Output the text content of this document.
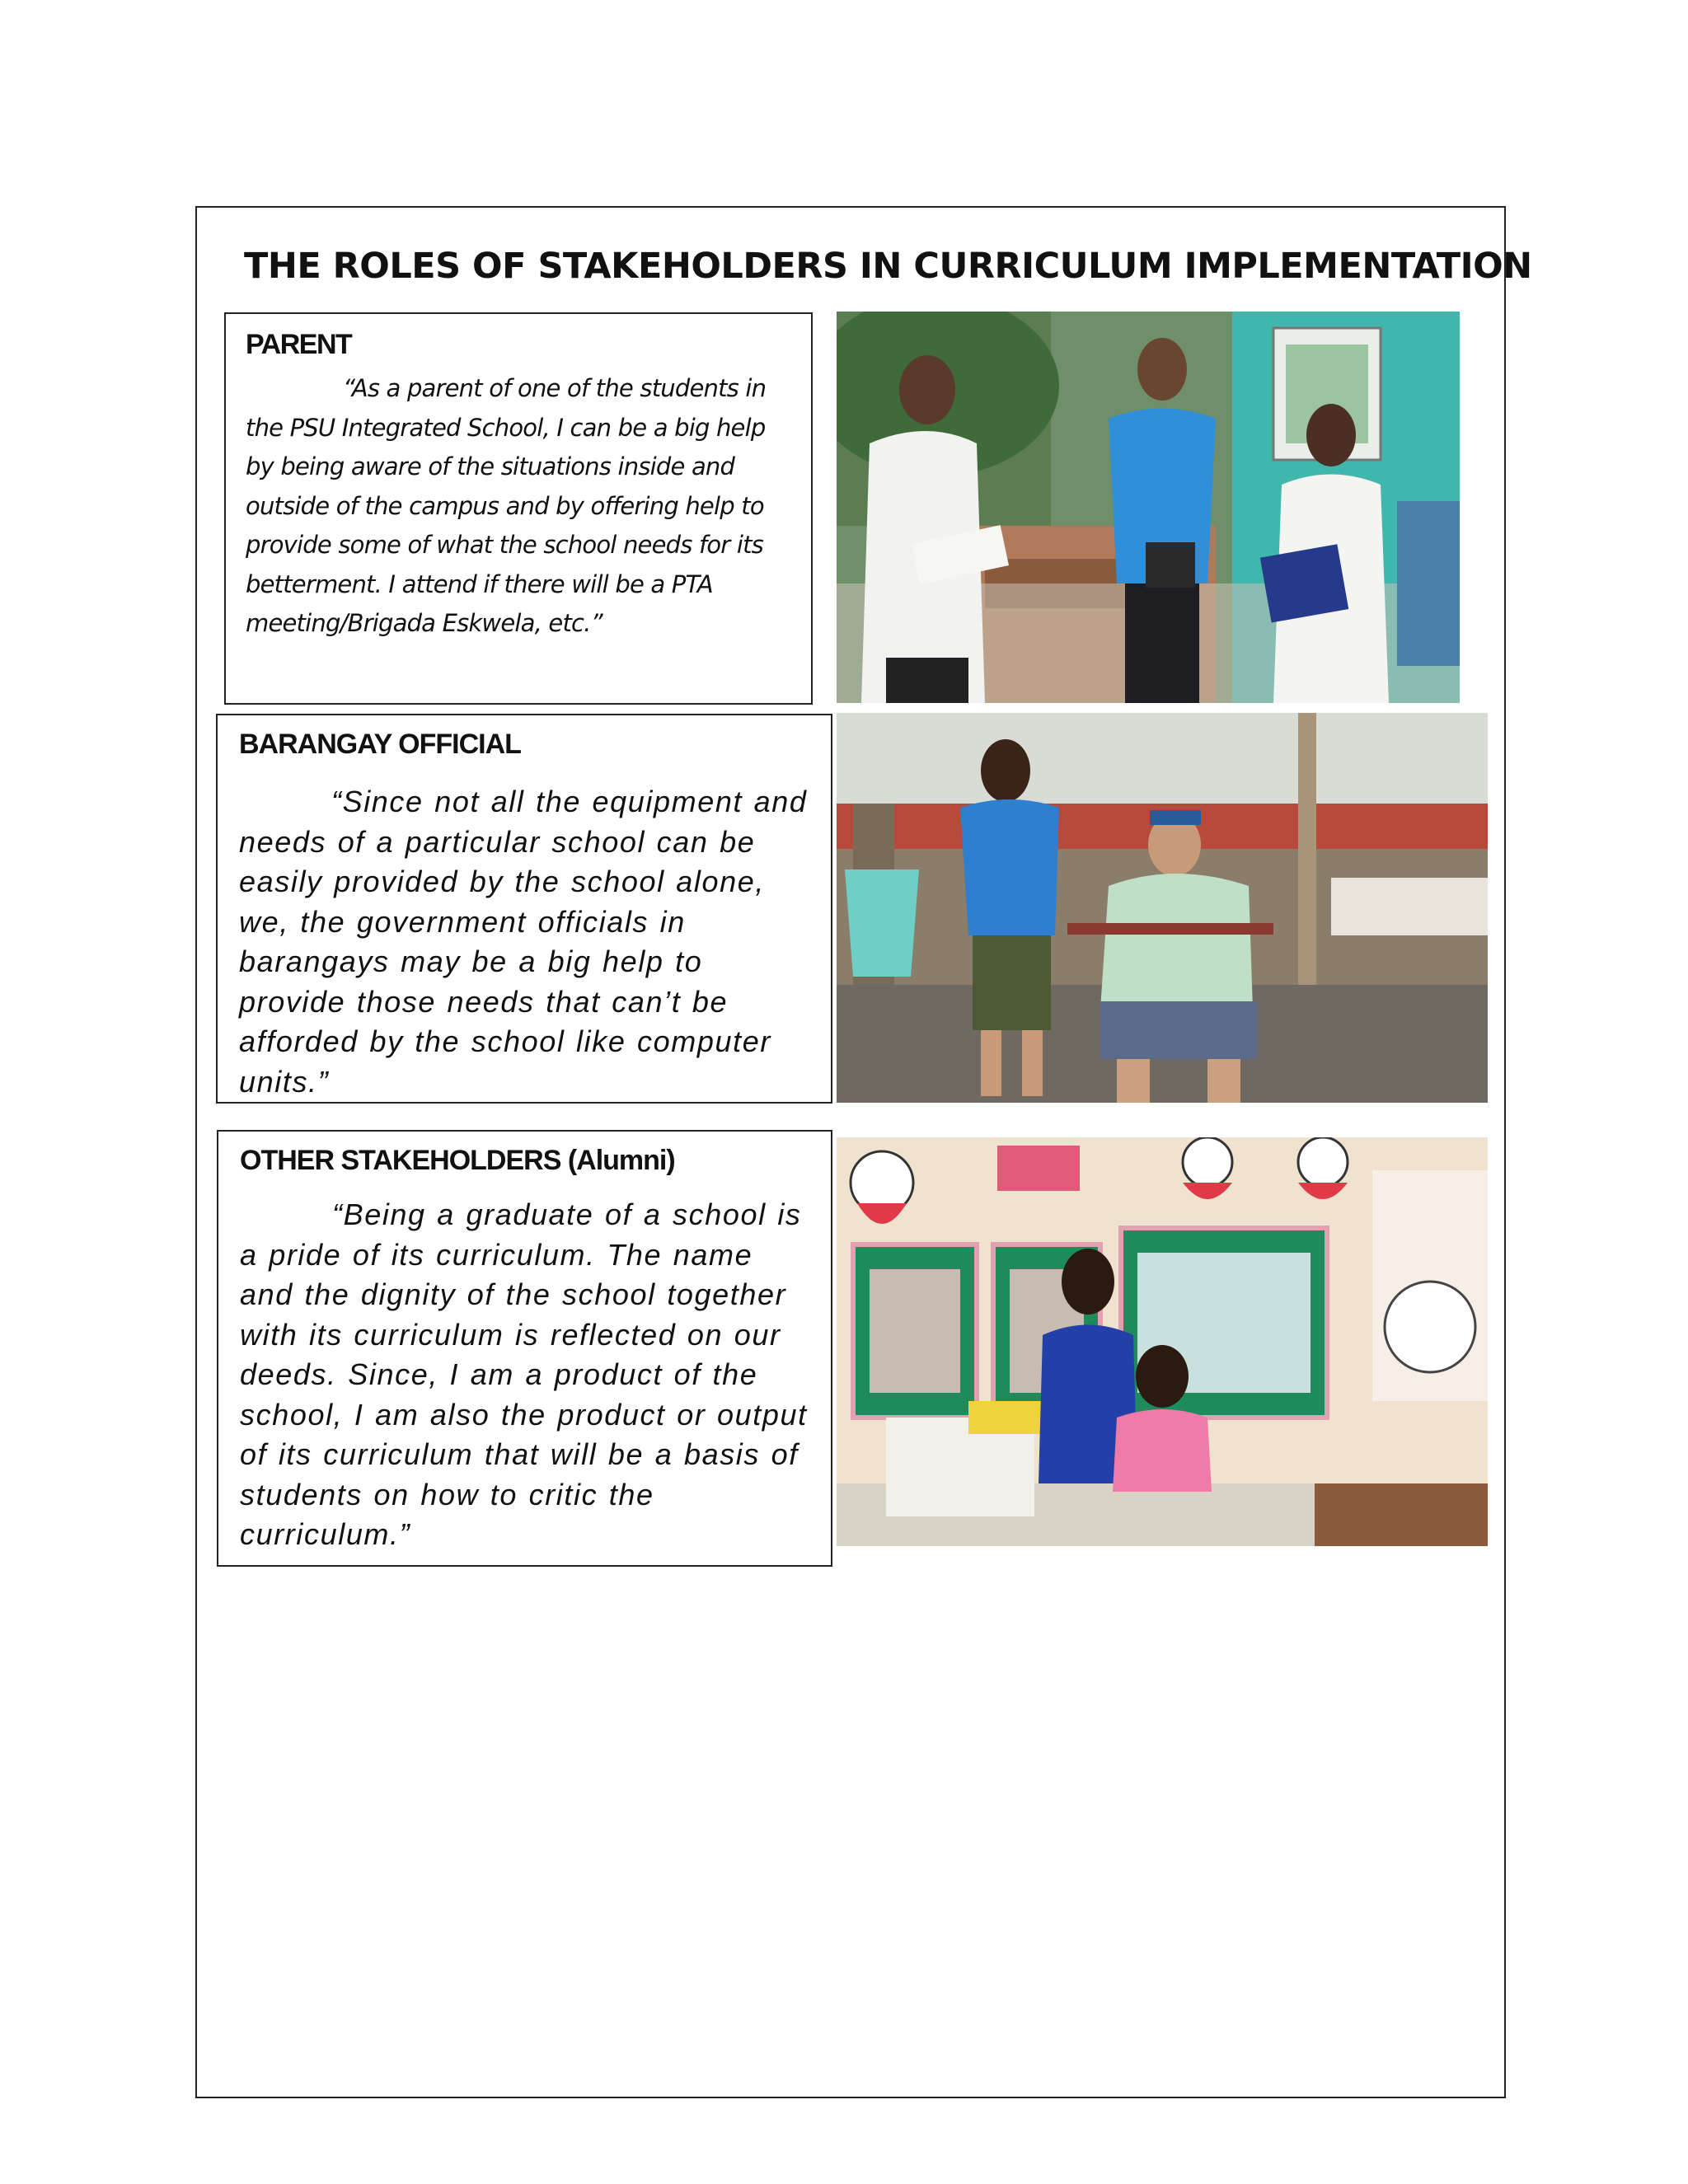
THE ROLES OF STAKEHOLDERS IN CURRICULUM IMPLEMENTATION
PARENT

“As a parent of one of the students in the PSU Integrated School, I can be a big help by being aware of the situations inside and outside of the campus and by offering help to provide some of what the school needs for its betterment. I attend if there will be a PTA meeting/Brigada Eskwela, etc.”

BARANGAY OFFICIAL

“Since not all the equipment and needs of a particular school can be easily provided by the school alone, we, the government officials in barangays may be a big help to provide those needs that can’t be afforded by the school like computer units.”

OTHER STAKEHOLDERS (Alumni)

“Being a graduate of a school is a pride of its curriculum. The name and the dignity of the school together with its curriculum is reflected on our deeds. Since, I am a product of the school, I am also the product or output of its curriculum that will be a basis of students on how to critic the curriculum.”
